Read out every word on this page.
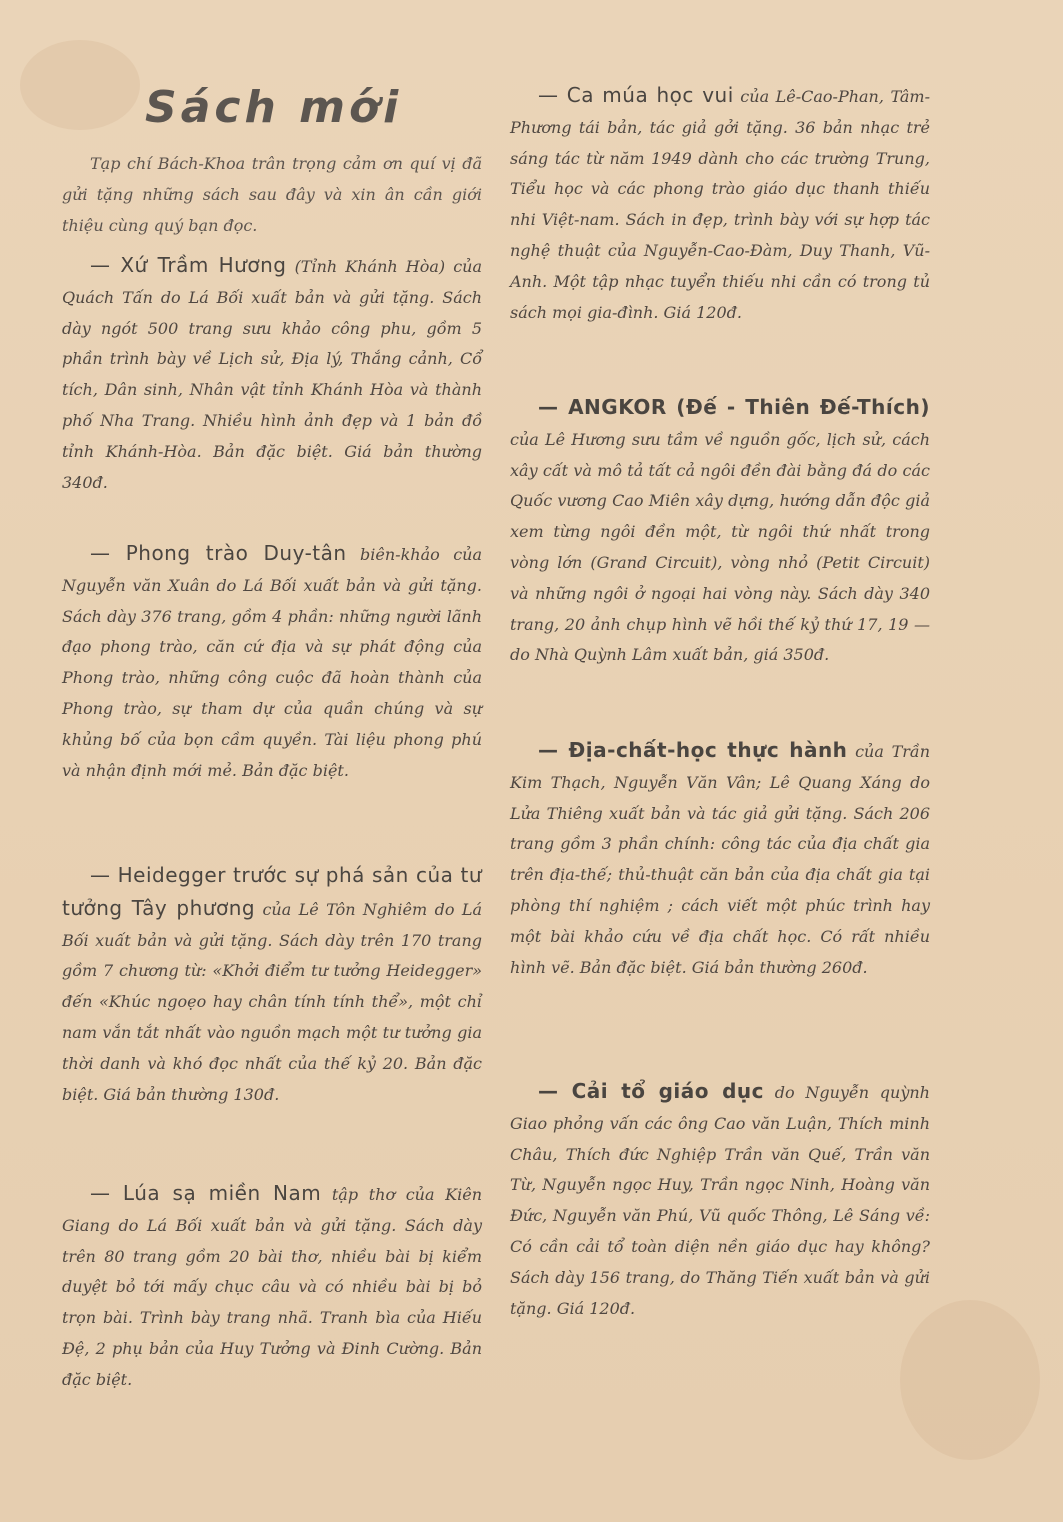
Sách mới

Tạp chí Bách-Khoa trân trọng cảm ơn quí vị đã gửi tặng những sách sau đây và xin ân cần giới thiệu cùng quý bạn đọc.

— Xứ Trầm Hương (Tỉnh Khánh Hòa) của Quách Tấn do Lá Bối xuất bản và gửi tặng. Sách dày ngót 500 trang sưu khảo công phu, gồm 5 phần trình bày về Lịch sử, Địa lý, Thắng cảnh, Cổ tích, Dân sinh, Nhân vật tỉnh Khánh Hòa và thành phố Nha Trang. Nhiều hình ảnh đẹp và 1 bản đồ tỉnh Khánh-Hòa. Bản đặc biệt. Giá bản thường 340đ.

— Phong trào Duy-tân biên-khảo của Nguyễn văn Xuân do Lá Bối xuất bản và gửi tặng. Sách dày 376 trang, gồm 4 phần: những người lãnh đạo phong trào, căn cứ địa và sự phát động của Phong trào, những công cuộc đã hoàn thành của Phong trào, sự tham dự của quần chúng và sự khủng bố của bọn cầm quyền. Tài liệu phong phú và nhận định mới mẻ. Bản đặc biệt.

— Heidegger trước sự phá sản của tư tưởng Tây phương của Lê Tôn Nghiêm do Lá Bối xuất bản và gửi tặng. Sách dày trên 170 trang gồm 7 chương từ: «Khởi điểm tư tưởng Heidegger» đến «Khúc ngoẹo hay chân tính tính thể», một chỉ nam vắn tắt nhất vào nguồn mạch một tư tưởng gia thời danh và khó đọc nhất của thế kỷ 20. Bản đặc biệt. Giá bản thường 130đ.

— Lúa sạ miền Nam tập thơ của Kiên Giang do Lá Bối xuất bản và gửi tặng. Sách dày trên 80 trang gồm 20 bài thơ, nhiều bài bị kiểm duyệt bỏ tới mấy chục câu và có nhiều bài bị bỏ trọn bài. Trình bày trang nhã. Tranh bìa của Hiếu Đệ, 2 phụ bản của Huy Tưởng và Đinh Cường. Bản đặc biệt.

— Ca múa học vui của Lê-Cao-Phan, Tâm-Phương tái bản, tác giả gởi tặng. 36 bản nhạc trẻ sáng tác từ năm 1949 dành cho các trường Trung, Tiểu học và các phong trào giáo dục thanh thiếu nhi Việt-nam. Sách in đẹp, trình bày với sự hợp tác nghệ thuật của Nguyễn-Cao-Đàm, Duy Thanh, Vũ-Anh. Một tập nhạc tuyển thiếu nhi cần có trong tủ sách mọi gia-đình. Giá 120đ.

— ANGKOR (Đế - Thiên Đế-Thích) của Lê Hương sưu tầm về nguồn gốc, lịch sử, cách xây cất và mô tả tất cả ngôi đền đài bằng đá do các Quốc vương Cao Miên xây dựng, hướng dẫn độc giả xem từng ngôi đền một, từ ngôi thứ nhất trong vòng lớn (Grand Circuit), vòng nhỏ (Petit Circuit) và những ngôi ở ngoại hai vòng này. Sách dày 340 trang, 20 ảnh chụp hình vẽ hồi thế kỷ thứ 17, 19 — do Nhà Quỳnh Lâm xuất bản, giá 350đ.

— Địa-chất-học thực hành của Trần Kim Thạch, Nguyễn Văn Vân; Lê Quang Xáng do Lửa Thiêng xuất bản và tác giả gửi tặng. Sách 206 trang gồm 3 phần chính: công tác của địa chất gia trên địa-thế; thủ-thuật căn bản của địa chất gia tại phòng thí nghiệm ; cách viết một phúc trình hay một bài khảo cứu về địa chất học. Có rất nhiều hình vẽ. Bản đặc biệt. Giá bản thường 260đ.

— Cải tổ giáo dục do Nguyễn quỳnh Giao phỏng vấn các ông Cao văn Luận, Thích minh Châu, Thích đức Nghiệp Trần văn Quế, Trần văn Từ, Nguyễn ngọc Huy, Trần ngọc Ninh, Hoàng văn Đức, Nguyễn văn Phú, Vũ quốc Thông, Lê Sáng về: Có cần cải tổ toàn diện nền giáo dục hay không? Sách dày 156 trang, do Thăng Tiến xuất bản và gửi tặng. Giá 120đ.
